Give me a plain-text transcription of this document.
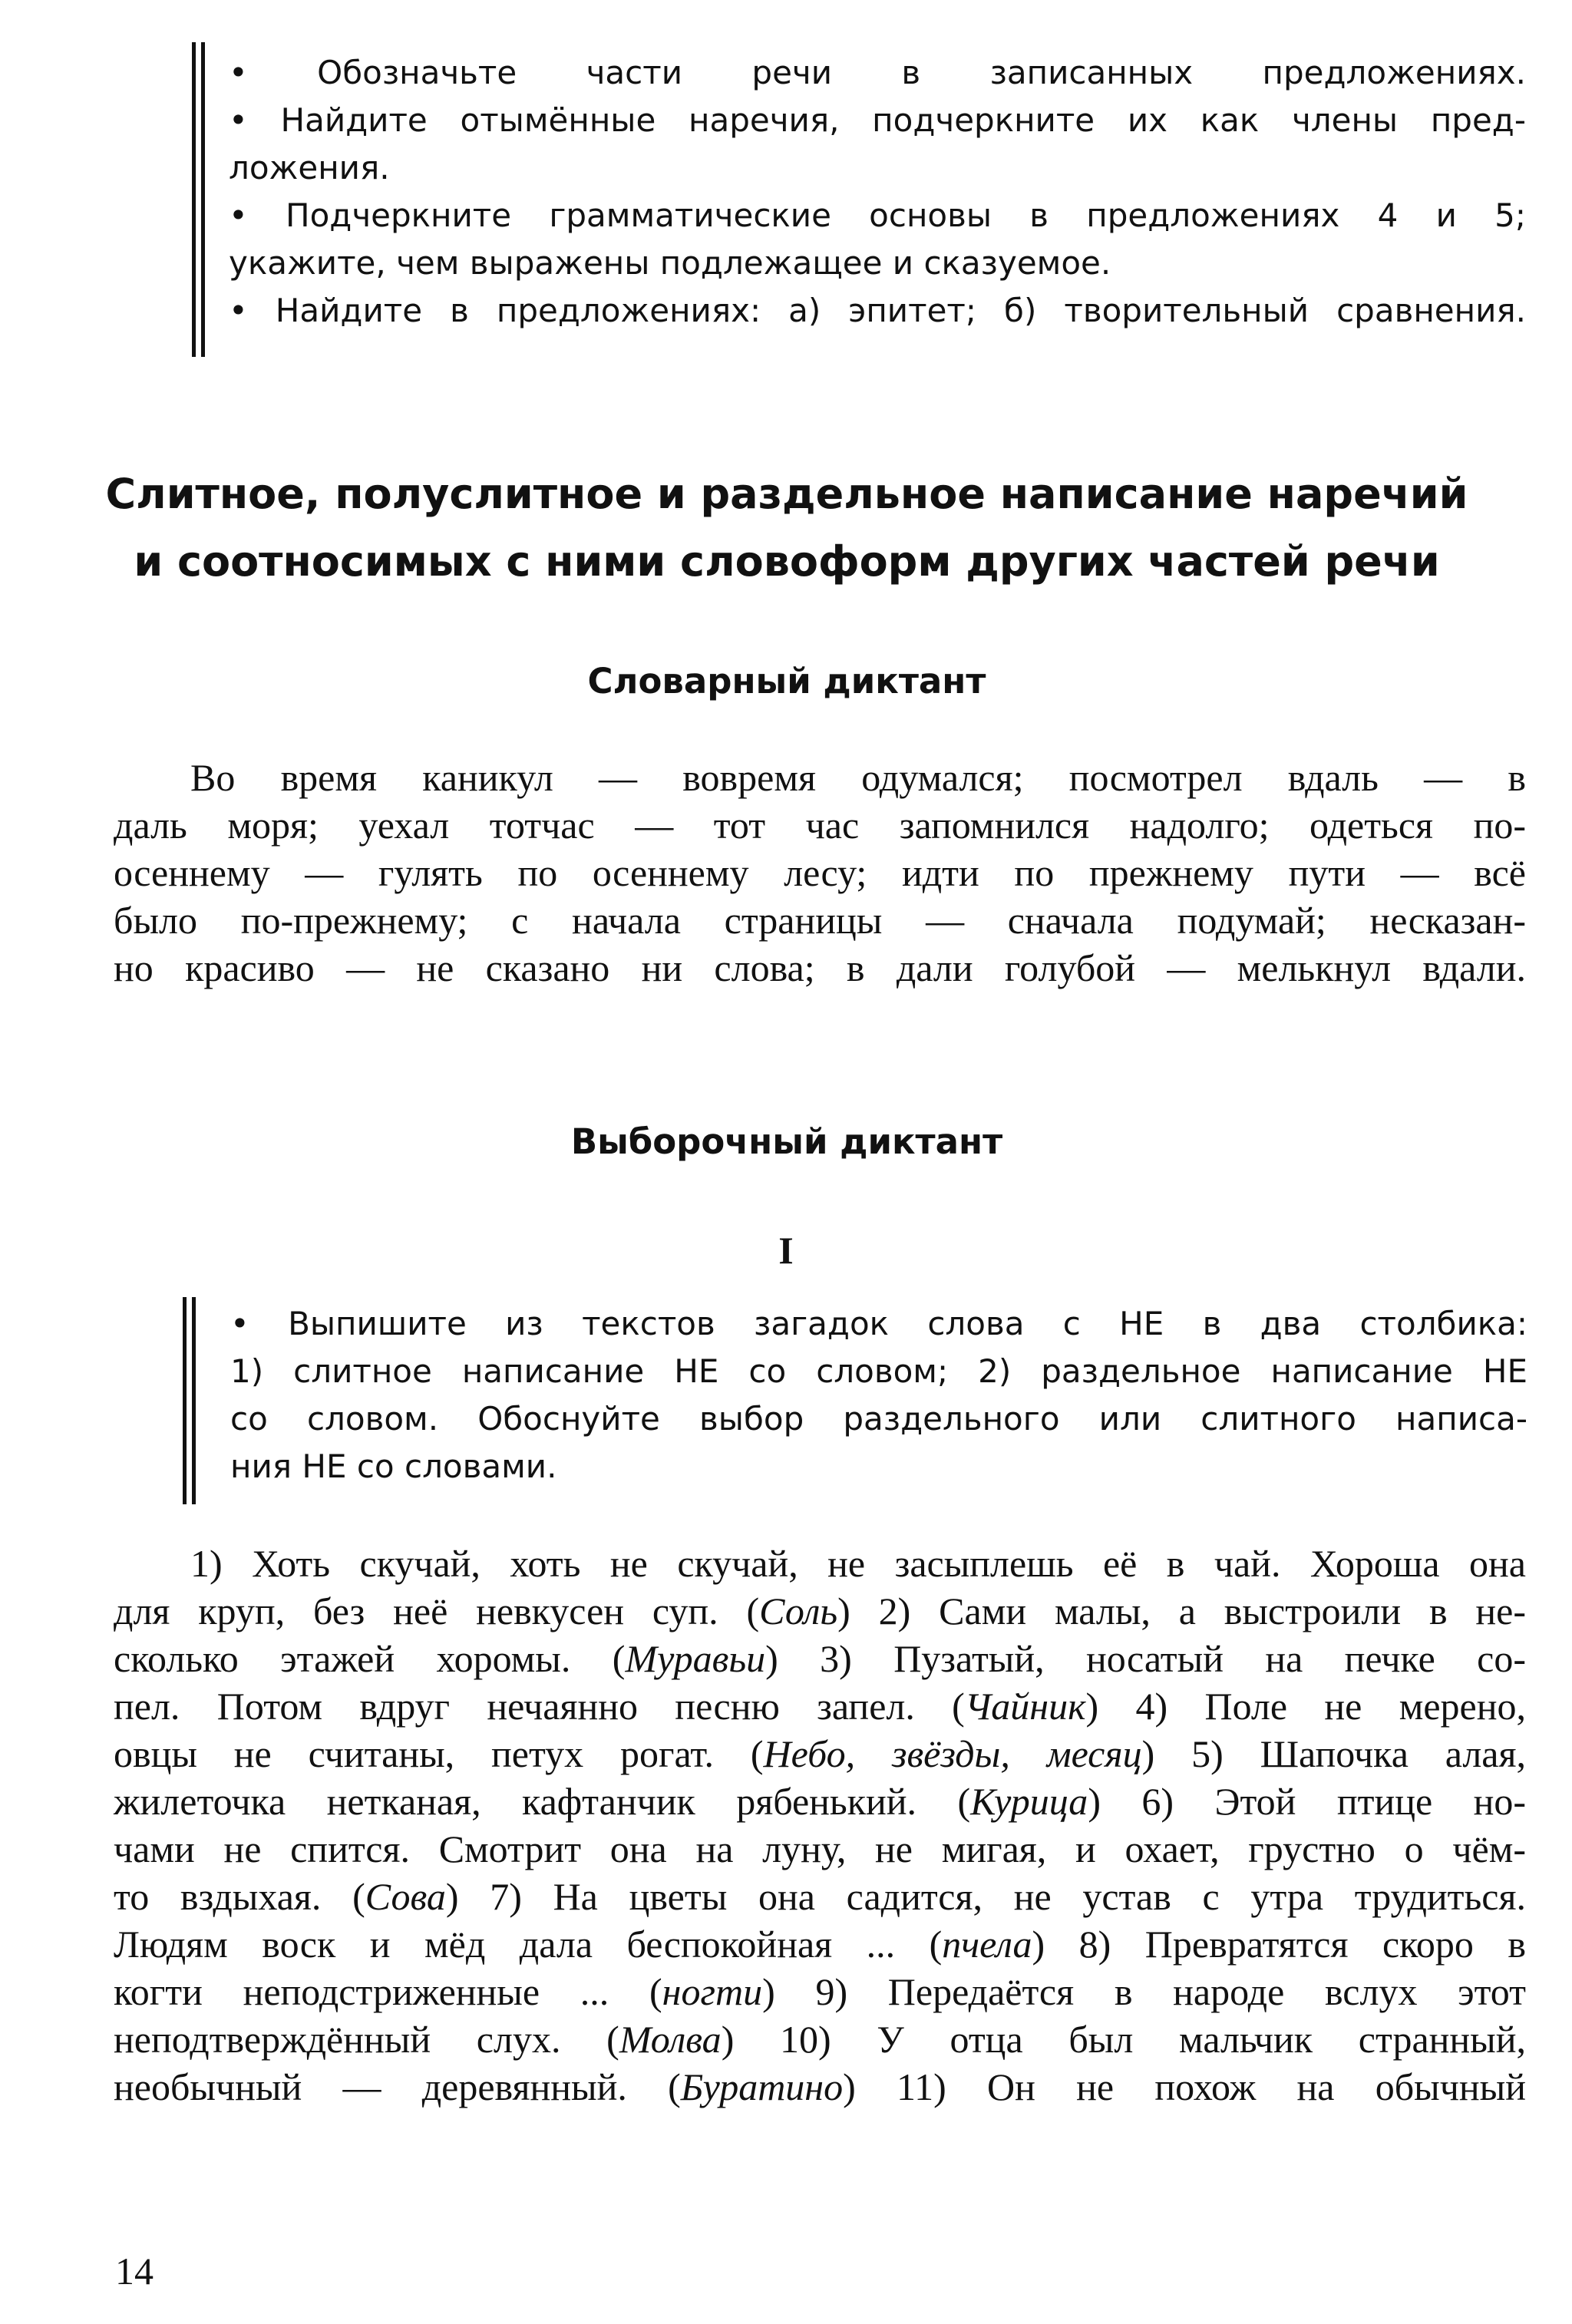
• Обозначьте части речи в записанных предложениях.
• Найдите отымённые наречия, подчеркните их как члены пред-
ложения.
• Подчеркните грамматические основы в предложениях 4 и 5;
укажите, чем выражены подлежащее и сказуемое.
• Найдите в предложениях: а) эпитет; б) творительный сравнения.
Слитное, полуслитное и раздельное написание наречий
и соотносимых с ними словоформ других частей речи
Словарный диктант
Во время каникул — вовремя одумался; посмотрел вдаль — в
даль моря; уехал тотчас — тот час запомнился надолго; одеться по-
осеннему — гулять по осеннему лесу; идти по прежнему пути — всё
было по-прежнему; с начала страницы — сначала подумай; несказан-
но красиво — не сказано ни слова; в дали голубой — мелькнул вдали.
Выборочный диктант
I
• Выпишите из текстов загадок слова с НЕ в два столбика:
1) слитное написание НЕ со словом; 2) раздельное написание НЕ
со словом. Обоснуйте выбор раздельного или слитного написа-
ния НЕ со словами.
1) Хоть скучай, хоть не скучай, не засыплешь её в чай. Хороша она
для круп, без неё невкусен суп. (Соль) 2) Сами малы, а выстроили в не-
сколько этажей хоромы. (Муравьи) 3) Пузатый, носатый на печке со-
пел. Потом вдруг нечаянно песню запел. (Чайник) 4) Поле не мерено,
овцы не считаны, петух рогат. (Небо, звёзды, месяц) 5) Шапочка алая,
жилеточка нетканая, кафтанчик рябенький. (Курица) 6) Этой птице но-
чами не спится. Смотрит она на луну, не мигая, и охает, грустно о чём-
то вздыхая. (Сова) 7) На цветы она садится, не устав с утра трудиться.
Людям воск и мёд дала беспокойная ... (пчела) 8) Превратятся скоро в
когти неподстриженные ... (ногти) 9) Передаётся в народе вслух этот
неподтверждённый слух. (Молва) 10) У отца был мальчик странный,
необычный — деревянный. (Буратино) 11) Он не похож на обычный
14
